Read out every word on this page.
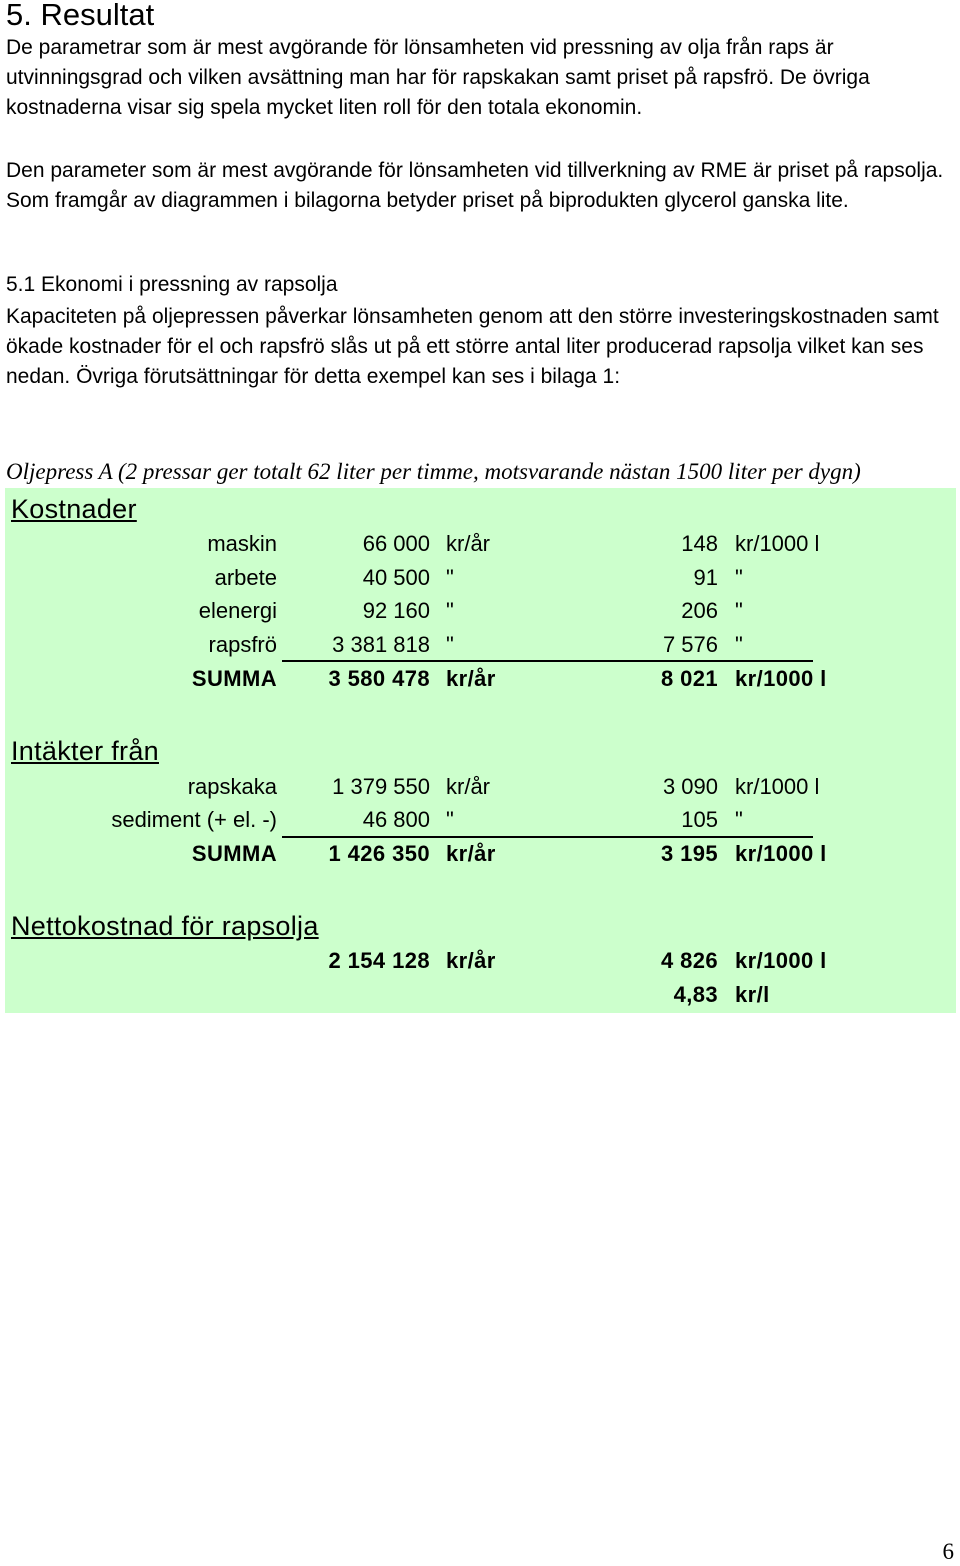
5. Resultat
De parametrar som är mest avgörande för lönsamheten vid pressning av olja från raps är utvinningsgrad och vilken avsättning man har för rapskakan samt priset på rapsfrö. De övriga kostnaderna visar sig spela mycket liten roll för den totala ekonomin.
Den parameter som är mest avgörande för lönsamheten vid tillverkning av RME är priset på rapsolja. Som framgår av diagrammen i bilagorna betyder priset på biprodukten glycerol ganska lite.
5.1 Ekonomi i pressning av rapsolja
Kapaciteten på oljepressen påverkar lönsamheten genom att den större investeringskostnaden samt ökade kostnader för el och rapsfrö slås ut på ett större antal liter producerad rapsolja vilket kan ses nedan. Övriga förutsättningar för detta exempel kan ses i bilaga 1:
Oljepress A (2 pressar ger totalt 62 liter per timme, motsvarande nästan 1500 liter per dygn)
Kostnader
maskin	66 000 kr/år	148 kr/1000 l
arbete	40 500 "	91 "
elenergi	92 160 "	206 "
rapsfrö	3 381 818 "	7 576 "
SUMMA 3 580 478 kr/år	8 021 kr/1000 l
Intäkter från
rapskaka	1 379 550 kr/år	3 090 kr/1000 l
sediment (+ el. -)	46 800 "	105 "
SUMMA 1 426 350 kr/år	3 195 kr/1000 l
Nettokostnad för rapsolja
2 154 128 kr/år	4 826 kr/1000 l
4,83 kr/l
6
